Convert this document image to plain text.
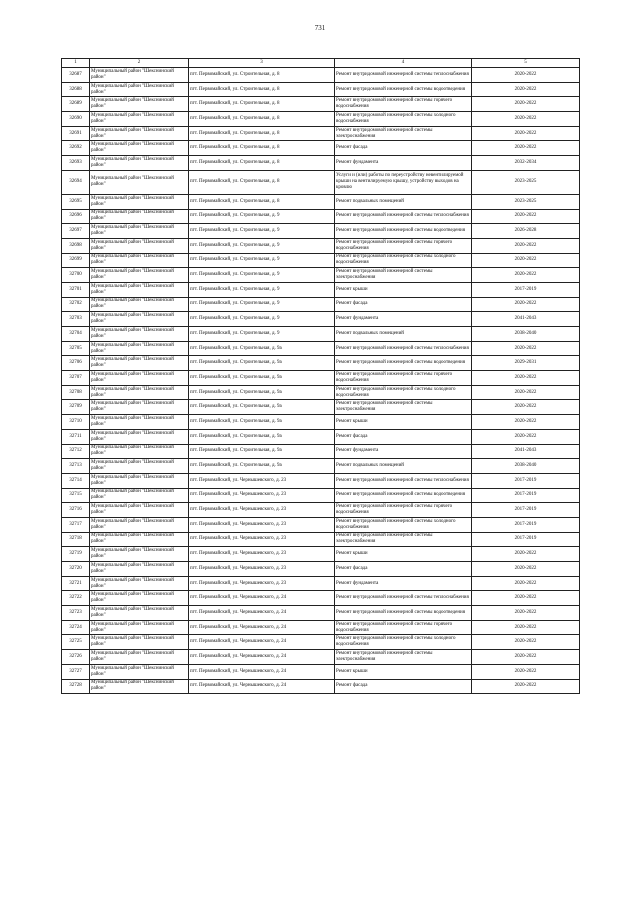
731
1	2	3	4	5
32687	Муниципальный район "Шекснинский район"	пгт. Первомайский, ул. Строительная, д. 8	Ремонт внутридомовой инженерной системы теплоснабжения	2020-2022
32688	Муниципальный район "Шекснинский район"	пгт. Первомайский, ул. Строительная, д. 8	Ремонт внутридомовой инженерной системы водоотведения	2020-2022
32689	Муниципальный район "Шекснинский район"	пгт. Первомайский, ул. Строительная, д. 8	Ремонт внутридомовой инженерной системы горячего водоснабжения	2020-2022
32690	Муниципальный район "Шекснинский район"	пгт. Первомайский, ул. Строительная, д. 8	Ремонт внутридомовой инженерной системы холодного водоснабжения	2020-2022
32691	Муниципальный район "Шекснинский район"	пгт. Первомайский, ул. Строительная, д. 8	Ремонт внутридомовой инженерной системы электроснабжения	2020-2022
32692	Муниципальный район "Шекснинский район"	пгт. Первомайский, ул. Строительная, д. 8	Ремонт фасада	2020-2022
32693	Муниципальный район "Шекснинский район"	пгт. Первомайский, ул. Строительная, д. 8	Ремонт фундамента	2032-2034
32694	Муниципальный район "Шекснинский район"	пгт. Первомайский, ул. Строительная, д. 8	Услуги и (или) работы по переустройству невентилируемой крыши на вентилируемую крышу, устройству выходов на кровлю	2023-2025
32695	Муниципальный район "Шекснинский район"	пгт. Первомайский, ул. Строительная, д. 8	Ремонт подвальных помещений	2023-2025
32696	Муниципальный район "Шекснинский район"	пгт. Первомайский, ул. Строительная, д. 9	Ремонт внутридомовой инженерной системы теплоснабжения	2020-2022
32697	Муниципальный район "Шекснинский район"	пгт. Первомайский, ул. Строительная, д. 9	Ремонт внутридомовой инженерной системы водоотведения	2026-2028
32698	Муниципальный район "Шекснинский район"	пгт. Первомайский, ул. Строительная, д. 9	Ремонт внутридомовой инженерной системы горячего водоснабжения	2020-2022
32699	Муниципальный район "Шекснинский район"	пгт. Первомайский, ул. Строительная, д. 9	Ремонт внутридомовой инженерной системы холодного водоснабжения	2020-2022
32700	Муниципальный район "Шекснинский район"	пгт. Первомайский, ул. Строительная, д. 9	Ремонт внутридомовой инженерной системы электроснабжения	2020-2022
32701	Муниципальный район "Шекснинский район"	пгт. Первомайский, ул. Строительная, д. 9	Ремонт крыши	2017-2019
32702	Муниципальный район "Шекснинский район"	пгт. Первомайский, ул. Строительная, д. 9	Ремонт фасада	2020-2022
32703	Муниципальный район "Шекснинский район"	пгт. Первомайский, ул. Строительная, д. 9	Ремонт фундамента	2041-2043
32704	Муниципальный район "Шекснинский район"	пгт. Первомайский, ул. Строительная, д. 9	Ремонт подвальных помещений	2038-2040
32705	Муниципальный район "Шекснинский район"	пгт. Первомайский, ул. Строительная, д. 9а	Ремонт внутридомовой инженерной системы теплоснабжения	2020-2022
32706	Муниципальный район "Шекснинский район"	пгт. Первомайский, ул. Строительная, д. 9а	Ремонт внутридомовой инженерной системы водоотведения	2029-2031
32707	Муниципальный район "Шекснинский район"	пгт. Первомайский, ул. Строительная, д. 9а	Ремонт внутридомовой инженерной системы горячего водоснабжения	2020-2022
32708	Муниципальный район "Шекснинский район"	пгт. Первомайский, ул. Строительная, д. 9а	Ремонт внутридомовой инженерной системы холодного водоснабжения	2020-2022
32709	Муниципальный район "Шекснинский район"	пгт. Первомайский, ул. Строительная, д. 9а	Ремонт внутридомовой инженерной системы электроснабжения	2020-2022
32710	Муниципальный район "Шекснинский район"	пгт. Первомайский, ул. Строительная, д. 9а	Ремонт крыши	2020-2022
32711	Муниципальный район "Шекснинский район"	пгт. Первомайский, ул. Строительная, д. 9а	Ремонт фасада	2020-2022
32712	Муниципальный район "Шекснинский район"	пгт. Первомайский, ул. Строительная, д. 9а	Ремонт фундамента	2041-2043
32713	Муниципальный район "Шекснинский район"	пгт. Первомайский, ул. Строительная, д. 9а	Ремонт подвальных помещений	2038-2040
32714	Муниципальный район "Шекснинский район"	пгт. Первомайский, ул. Чернышевского, д. 23	Ремонт внутридомовой инженерной системы теплоснабжения	2017-2019
32715	Муниципальный район "Шекснинский район"	пгт. Первомайский, ул. Чернышевского, д. 23	Ремонт внутридомовой инженерной системы водоотведения	2017-2019
32716	Муниципальный район "Шекснинский район"	пгт. Первомайский, ул. Чернышевского, д. 23	Ремонт внутридомовой инженерной системы горячего водоснабжения	2017-2019
32717	Муниципальный район "Шекснинский район"	пгт. Первомайский, ул. Чернышевского, д. 23	Ремонт внутридомовой инженерной системы холодного водоснабжения	2017-2019
32718	Муниципальный район "Шекснинский район"	пгт. Первомайский, ул. Чернышевского, д. 23	Ремонт внутридомовой инженерной системы электроснабжения	2017-2019
32719	Муниципальный район "Шекснинский район"	пгт. Первомайский, ул. Чернышевского, д. 23	Ремонт крыши	2020-2022
32720	Муниципальный район "Шекснинский район"	пгт. Первомайский, ул. Чернышевского, д. 23	Ремонт фасада	2020-2022
32721	Муниципальный район "Шекснинский район"	пгт. Первомайский, ул. Чернышевского, д. 23	Ремонт фундамента	2020-2022
32722	Муниципальный район "Шекснинский район"	пгт. Первомайский, ул. Чернышевского, д. 24	Ремонт внутридомовой инженерной системы теплоснабжения	2020-2022
32723	Муниципальный район "Шекснинский район"	пгт. Первомайский, ул. Чернышевского, д. 24	Ремонт внутридомовой инженерной системы водоотведения	2020-2022
32724	Муниципальный район "Шекснинский район"	пгт. Первомайский, ул. Чернышевского, д. 24	Ремонт внутридомовой инженерной системы горячего водоснабжения	2020-2022
32725	Муниципальный район "Шекснинский район"	пгт. Первомайский, ул. Чернышевского, д. 24	Ремонт внутридомовой инженерной системы холодного водоснабжения	2020-2022
32726	Муниципальный район "Шекснинский район"	пгт. Первомайский, ул. Чернышевского, д. 24	Ремонт внутридомовой инженерной системы электроснабжения	2020-2022
32727	Муниципальный район "Шекснинский район"	пгт. Первомайский, ул. Чернышевского, д. 24	Ремонт крыши	2020-2022
32728	Муниципальный район "Шекснинский район"	пгт. Первомайский, ул. Чернышевского, д. 24	Ремонт фасада	2020-2022
